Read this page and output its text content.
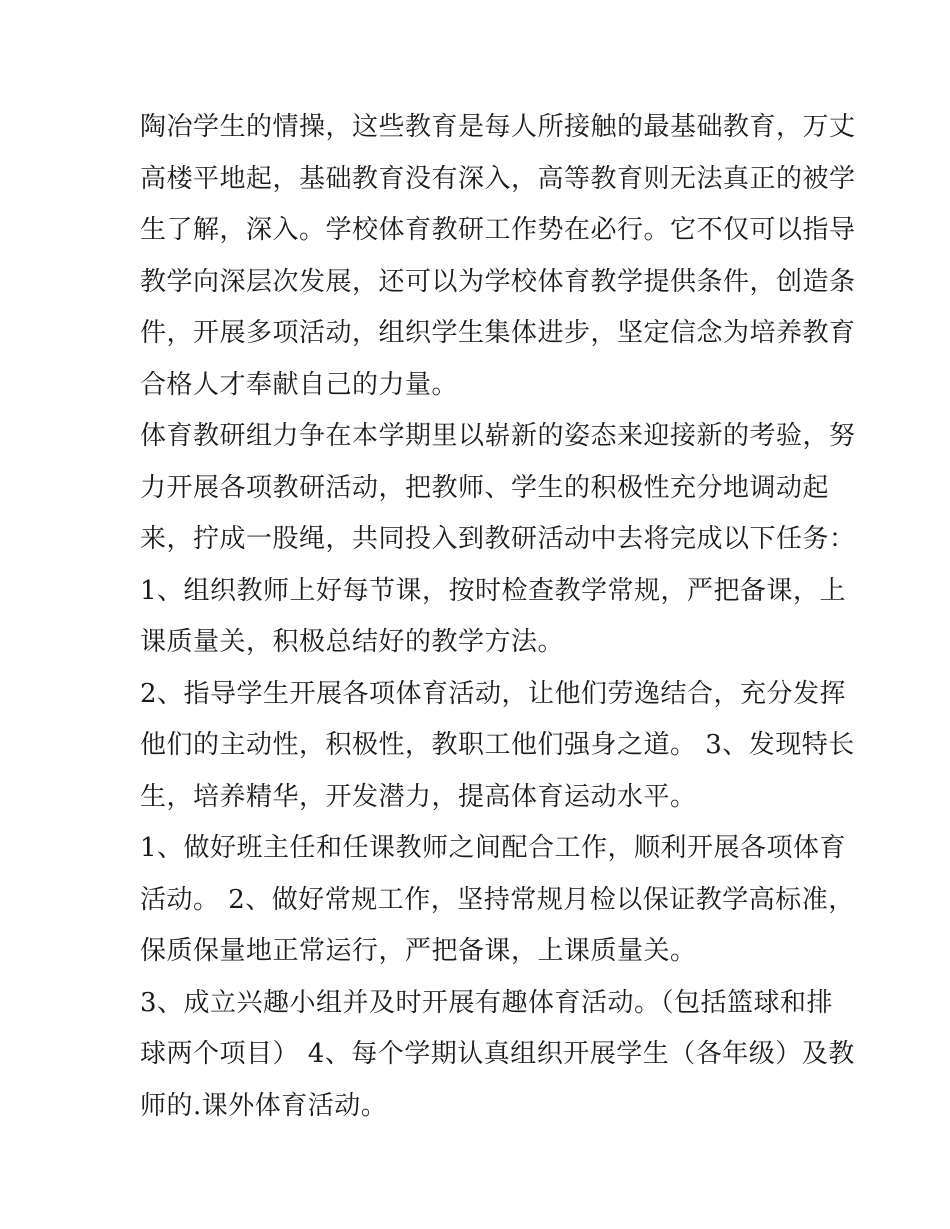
陶冶学生的情操，这些教育是每人所接触的最基础教育，万丈
高楼平地起，基础教育没有深入，高等教育则无法真正的被学
生了解，深入。学校体育教研工作势在必行。它不仅可以指导
教学向深层次发展，还可以为学校体育教学提供条件，创造条
件，开展多项活动，组织学生集体进步，坚定信念为培养教育
合格人才奉献自己的力量。
体育教研组力争在本学期里以崭新的姿态来迎接新的考验，努
力开展各项教研活动，把教师、学生的积极性充分地调动起
来，拧成一股绳，共同投入到教研活动中去将完成以下任务：
1、组织教师上好每节课，按时检查教学常规，严把备课，上
课质量关，积极总结好的教学方法。
2、指导学生开展各项体育活动，让他们劳逸结合，充分发挥
他们的主动性，积极性，教职工他们强身之道。 3、发现特长
生，培养精华，开发潜力，提高体育运动水平。
1、做好班主任和任课教师之间配合工作，顺利开展各项体育
活动。 2、做好常规工作，坚持常规月检以保证教学高标准，
保质保量地正常运行，严把备课，上课质量关。
3、成立兴趣小组并及时开展有趣体育活动。（包括篮球和排
球两个项目） 4、每个学期认真组织开展学生（各年级）及教
师的.课外体育活动。
